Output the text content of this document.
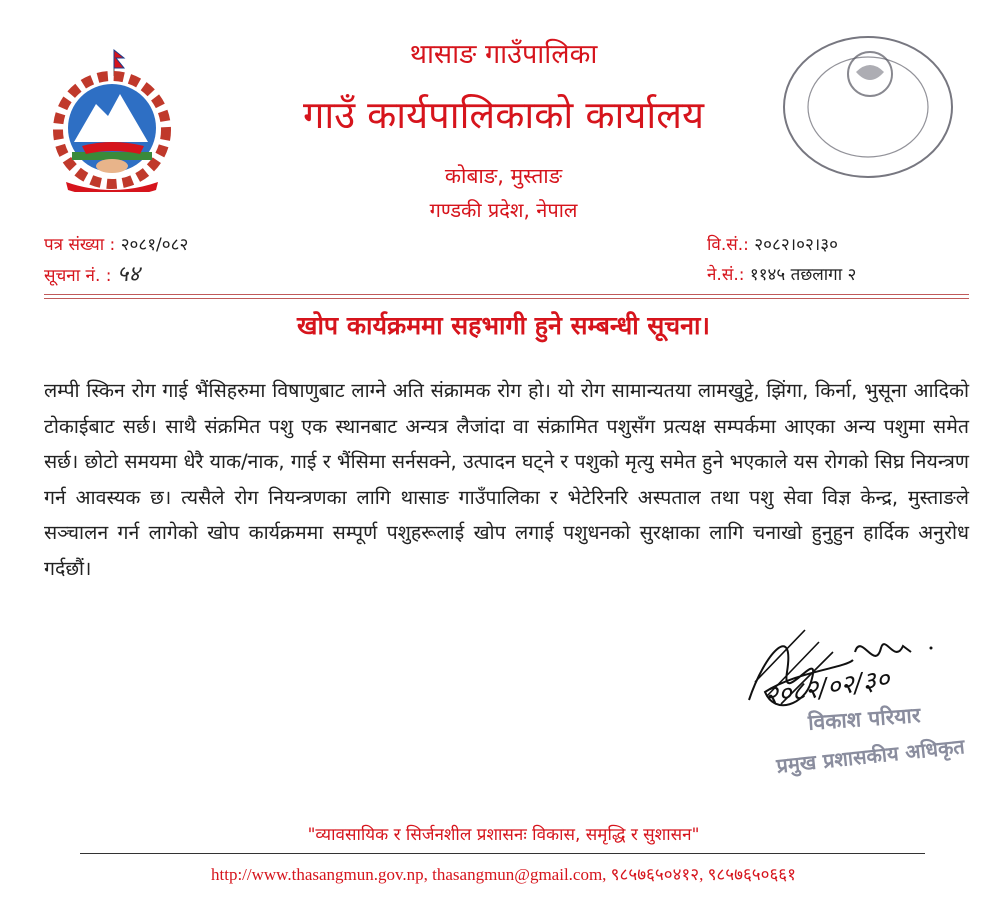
थासाङ गाउँपालिका
गाउँ कार्यपालिकाको कार्यालय
कोबाङ, मुस्ताङ
गण्डकी प्रदेश, नेपाल
पत्र संख्या : २०८१/०८२
सूचना नं. : ५४
वि.सं.: २०८२।०२।३०
ने.सं.: ११४५ तछलागा २
खोप कार्यक्रममा सहभागी हुने सम्बन्धी सूचना।
लम्पी स्किन रोग गाई भैंसिहरुमा विषाणुबाट लाग्ने अति संक्रामक रोग हो। यो रोग सामान्यतया लामखुट्टे, झिंगा, किर्ना, भुसूना आदिको टोकाईबाट सर्छ। साथै संक्रमित पशु एक स्थानबाट अन्यत्र लैजांदा वा संक्रामित पशुसँग प्रत्यक्ष सम्पर्कमा आएका अन्य पशुमा समेत सर्छ। छोटो समयमा धेरै याक/नाक, गाई र भैंसिमा सर्नसक्ने, उत्पादन घट्ने र पशुको मृत्यु समेत हुने भएकाले यस रोगको सिघ्र नियन्त्रण गर्न आवस्यक छ। त्यसैले रोग नियन्त्रणका लागि थासाङ गाउँपालिका र भेटेरिनरि अस्पताल तथा पशु सेवा विज्ञ केन्द्र, मुस्ताङले सञ्चालन गर्न लागेको खोप कार्यक्रममा सम्पूर्ण पशुहरूलाई खोप लगाई पशुधनको सुरक्षाका लागि चनाखो हुनुहुन हार्दिक अनुरोध गर्दछौं।
२०८२/०२/३०
विकाश परियार
प्रमुख प्रशासकीय अधिकृत
"व्यावसायिक र सिर्जनशील प्रशासनः विकास, समृद्धि र सुशासन"
http://www.thasangmun.gov.np, thasangmun@gmail.com, ९८५७६५०४१२, ९८५७६५०६६१
